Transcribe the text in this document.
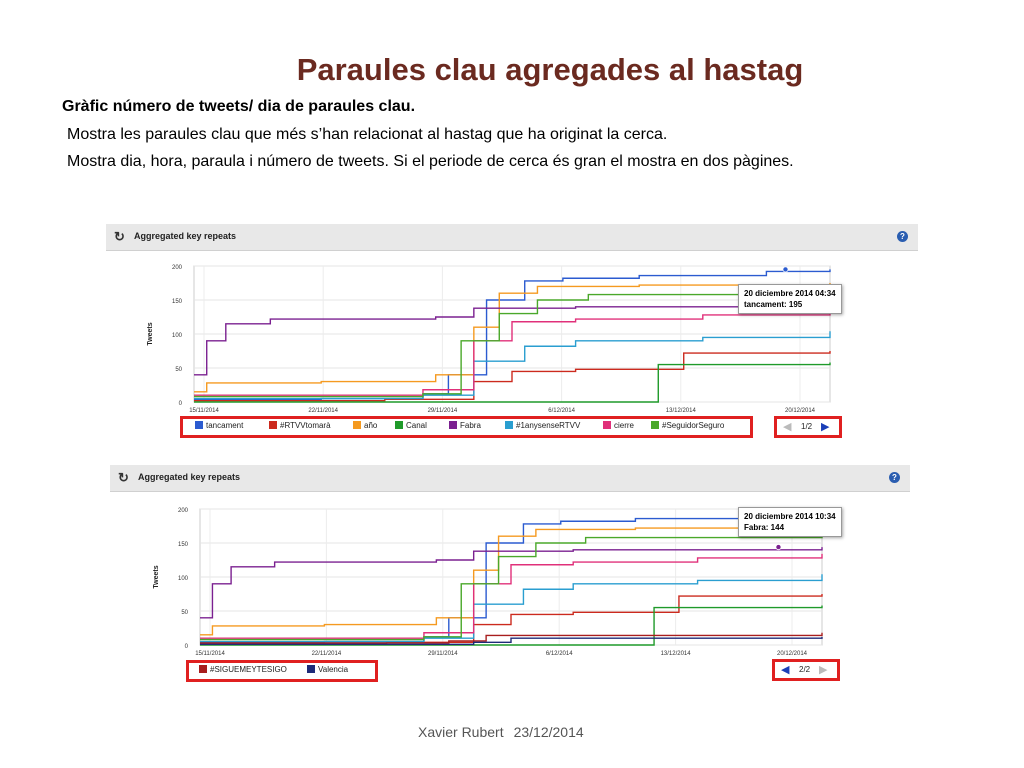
Paraules clau agregades al hastag

Gràfic número de tweets/ dia de paraules clau.

Mostra les paraules clau que més s’han relacionat al hastag que ha originat la cerca.

Mostra dia, hora, paraula i número de tweets. Si el periode de cerca és gran el mostra en dos pàgines.

↻ Aggregated key repeats	?
0
50
100
150
200
15/11/2014	22/11/2014	29/11/2014	6/12/2014	13/12/2014	20/12/2014
Tweets
tancament	#RTVVtomarà	año	Canal	Fabra	#1anysenseRTVV	cierre	#SeguidorSeguro	◀ 1/2 ▶
20 diciembre 2014 04:34
tancament: 195
↻ Aggregated key repeats	?
0
50
100
150
200
15/11/2014	22/11/2014	29/11/2014	6/12/2014	13/12/2014	20/12/2014
Tweets
#SIGUEMEYTESIGO	Valencia	◀ 2/2 ▶
20 diciembre 2014 10:34
Fabra: 144
Xavier Rubert 23/12/2014
